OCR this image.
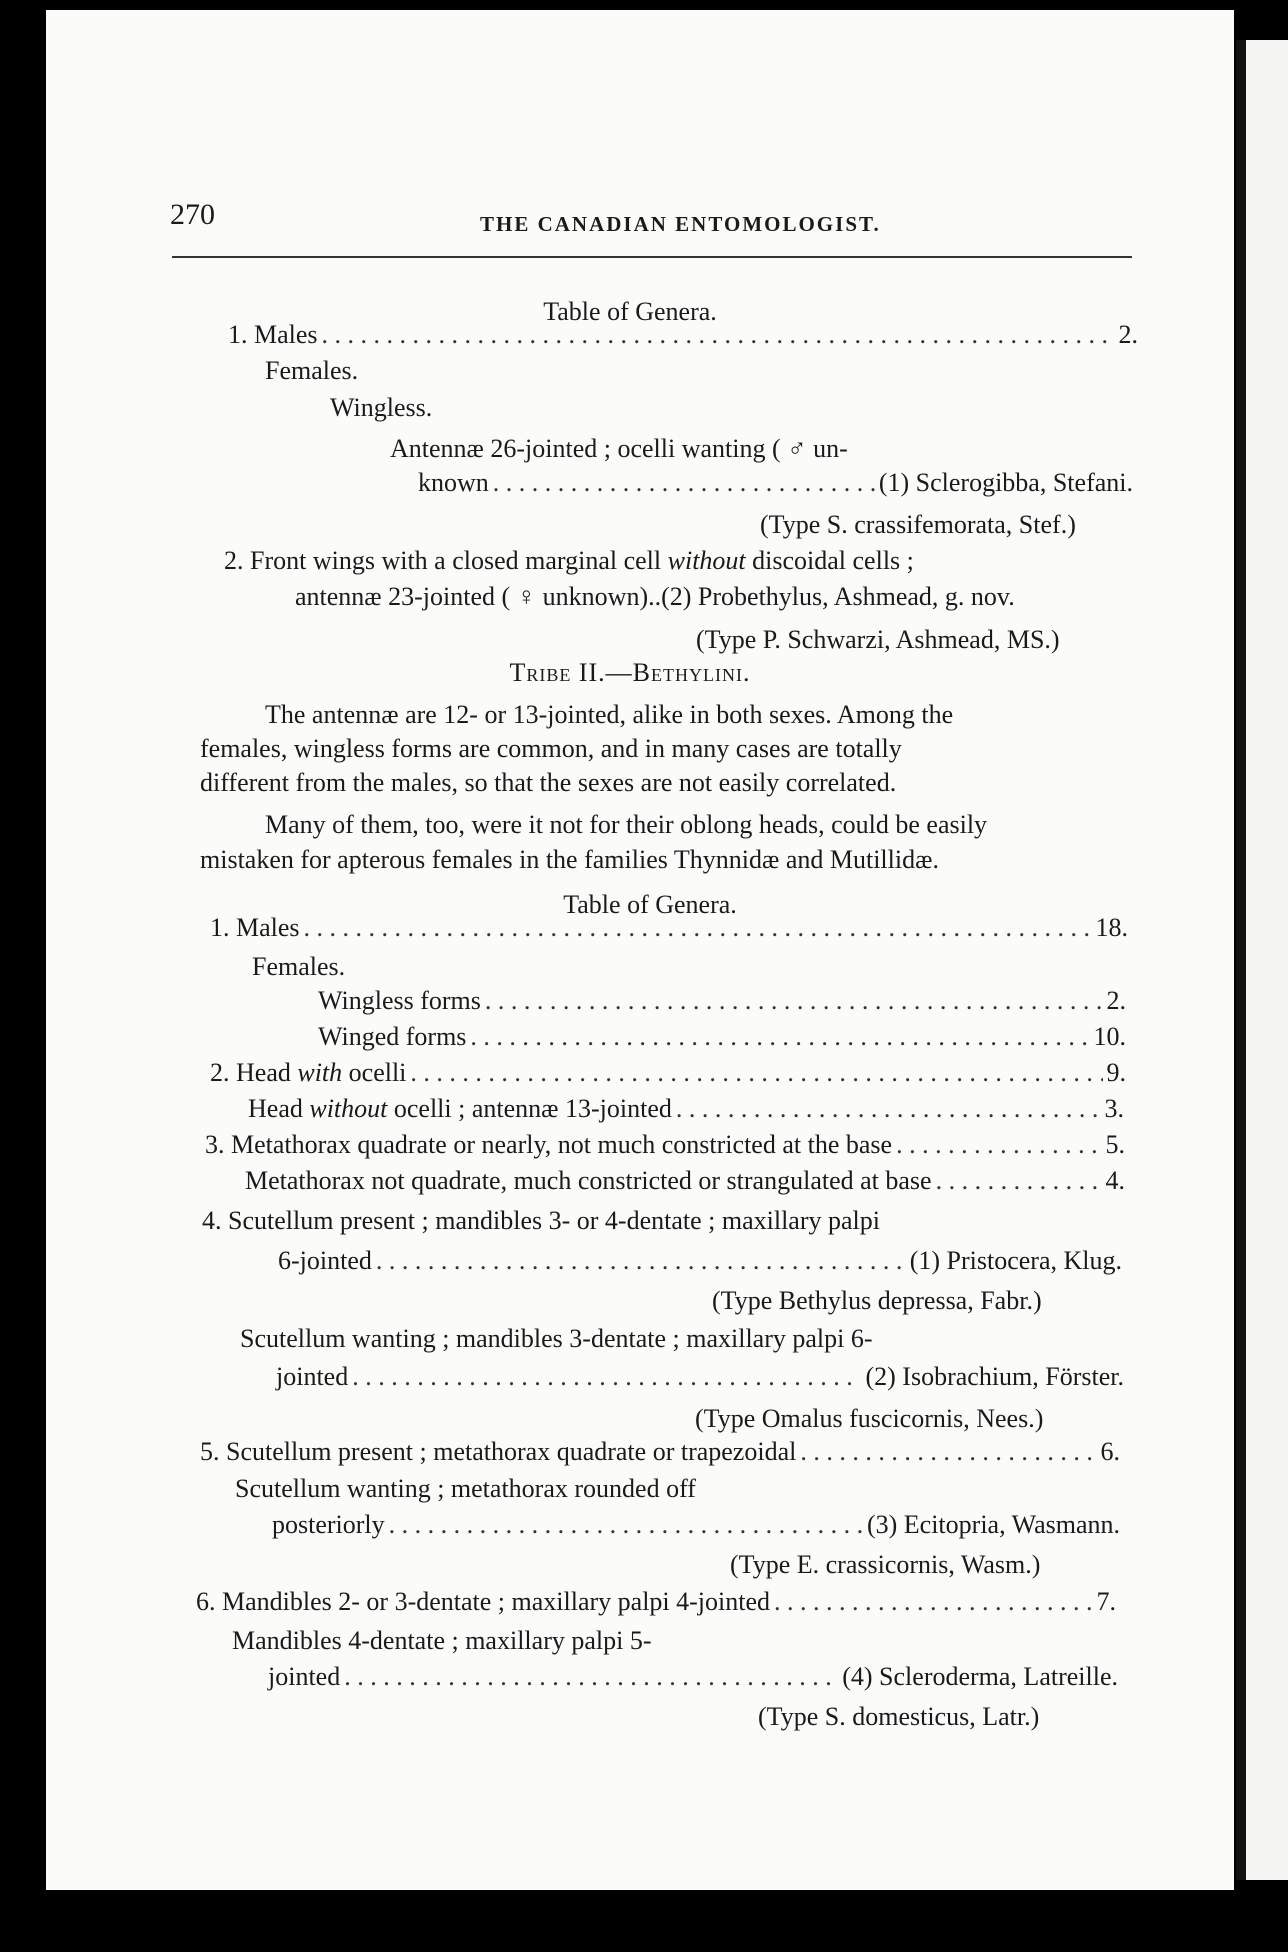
270	THE CANADIAN ENTOMOLOGIST.
Table of Genera.
1. Males . . .	2.
Females.
Wingless.
Antennæ 26-jointed ; ocelli wanting ( ♂ un-
known . . .	(1) Sclerogibba, Stefani.
(Type S. crassifemorata, Stef.)
2. Front wings with a closed marginal cell without discoidal cells ;
antennæ 23-jointed ( ♀ unknown)..(2) Probethylus, Ashmead, g. nov.
(Type P. Schwarzi, Ashmead, MS.)
Tribe II.—Bethylini.
The antennæ are 12- or 13-jointed, alike in both sexes. Among the
females, wingless forms are common, and in many cases are totally
different from the males, so that the sexes are not easily correlated.
Many of them, too, were it not for their oblong heads, could be easily
mistaken for apterous females in the families Thynnidæ and Mutillidæ.
Table of Genera.
1. Males . . .	18.
Females.
Wingless forms . . .	2.
Winged forms . . .	10.
2. Head with ocelli . . .	9.
Head without ocelli ; antennæ 13-jointed . . .	3.
3. Metathorax quadrate or nearly, not much constricted at the base . . .	5.
Metathorax not quadrate, much constricted or strangulated at base . . .	4.
4. Scutellum present ; mandibles 3- or 4-dentate ; maxillary palpi
6-jointed . . .	(1) Pristocera, Klug.
(Type Bethylus depressa, Fabr.)
Scutellum wanting ; mandibles 3-dentate ; maxillary palpi 6-
jointed . . .	(2) Isobrachium, Förster.
(Type Omalus fuscicornis, Nees.)
5. Scutellum present ; metathorax quadrate or trapezoidal . . .	6.
Scutellum wanting ; metathorax rounded off
posteriorly . . .	(3) Ecitopria, Wasmann.
(Type E. crassicornis, Wasm.)
6. Mandibles 2- or 3-dentate ; maxillary palpi 4-jointed . . .	7.
Mandibles 4-dentate ; maxillary palpi 5-
jointed . . .	(4) Scleroderma, Latreille.
(Type S. domesticus, Latr.)
